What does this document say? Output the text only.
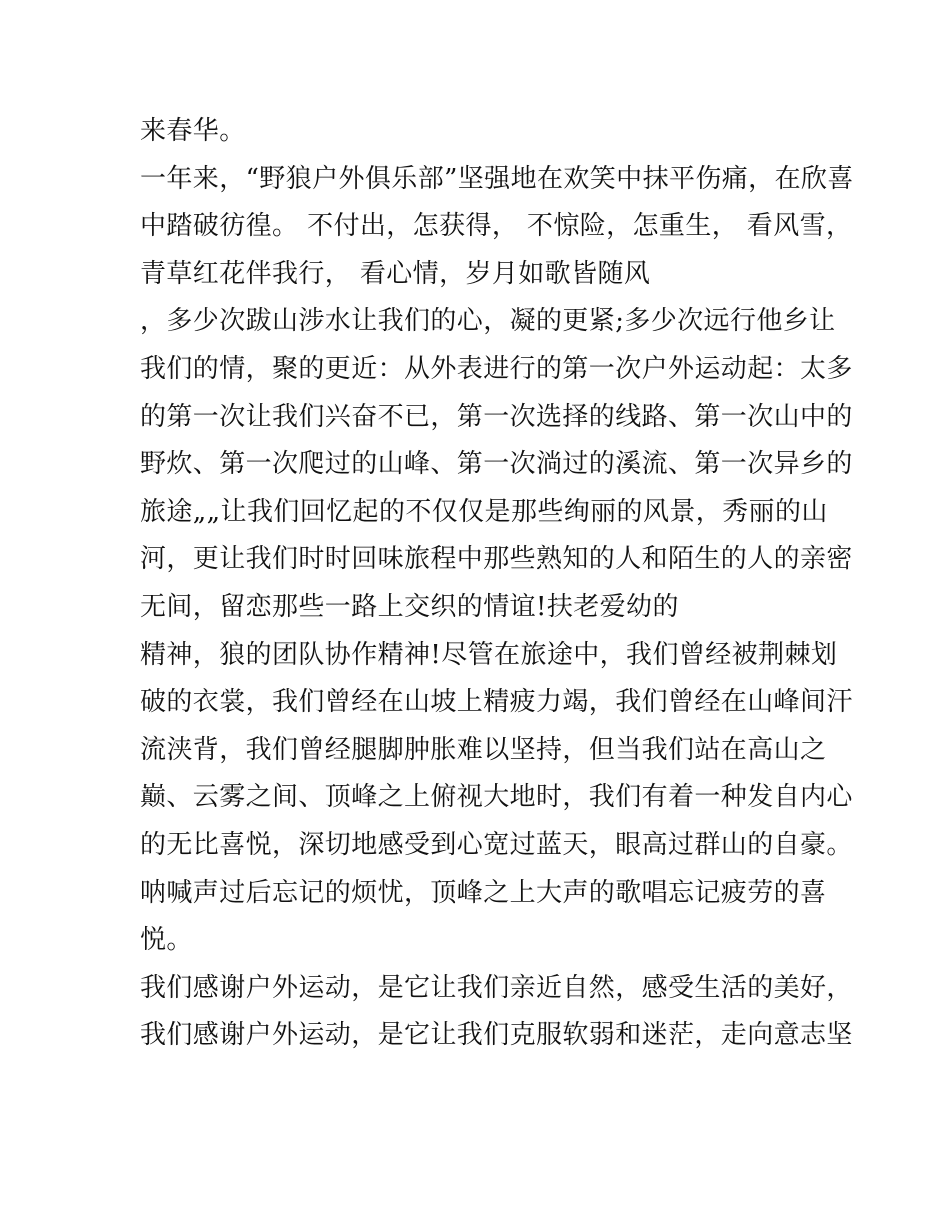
来春华。
一年来，“野狼户外俱乐部”坚强地在欢笑中抹平伤痛，在欣喜
中踏破彷徨。 不付出，怎获得， 不惊险，怎重生， 看风雪，
青草红花伴我行， 看心情，岁月如歌皆随风
，多少次跋山涉水让我们的心，凝的更紧;多少次远行他乡让
我们的情，聚的更近：从外表进行的第一次户外运动起：太多
的第一次让我们兴奋不已，第一次选择的线路、第一次山中的
野炊、第一次爬过的山峰、第一次淌过的溪流、第一次异乡的
旅途„„让我们回忆起的不仅仅是那些绚丽的风景，秀丽的山
河，更让我们时时回味旅程中那些熟知的人和陌生的人的亲密
无间，留恋那些一路上交织的情谊!扶老爱幼的
精神，狼的团队协作精神!尽管在旅途中，我们曾经被荆棘划
破的衣裳，我们曾经在山坡上精疲力竭，我们曾经在山峰间汗
流浃背，我们曾经腿脚肿胀难以坚持，但当我们站在高山之
巅、云雾之间、顶峰之上俯视大地时，我们有着一种发自内心
的无比喜悦，深切地感受到心宽过蓝天，眼高过群山的自豪。
呐喊声过后忘记的烦忧，顶峰之上大声的歌唱忘记疲劳的喜
悦。
我们感谢户外运动，是它让我们亲近自然，感受生活的美好，
我们感谢户外运动，是它让我们克服软弱和迷茫，走向意志坚
